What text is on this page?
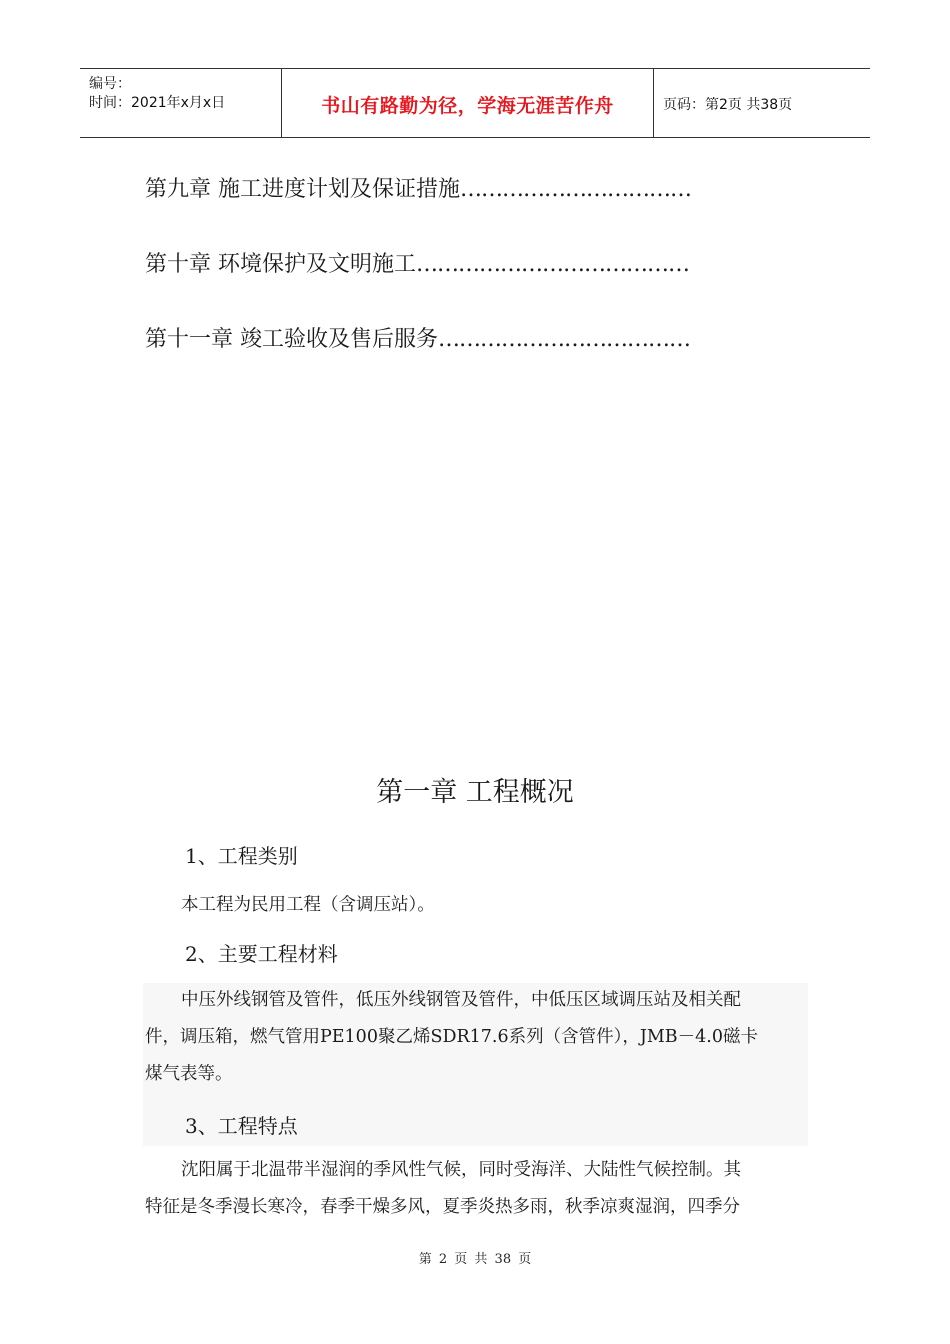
编号：
时间：2021年x月x日	书山有路勤为径，学海无涯苦作舟	页码：第2页 共38页
第九章 施工进度计划及保证措施……………………………
第十章 环境保护及文明施工…………………………………
第十一章 竣工验收及售后服务………………………………
第一章 工程概况
1、工程类别
本工程为民用工程（含调压站）。
2、主要工程材料
中压外线钢管及管件，低压外线钢管及管件，中低压区域调压站及相关配
件，调压箱，燃气管用PE100聚乙烯SDR17.6系列（含管件），JMB－4.0磁卡
煤气表等。
3、工程特点
沈阳属于北温带半湿润的季风性气候，同时受海洋、大陆性气候控制。其
特征是冬季漫长寒冷，春季干燥多风，夏季炎热多雨，秋季凉爽湿润，四季分
第 2 页 共 38 页
